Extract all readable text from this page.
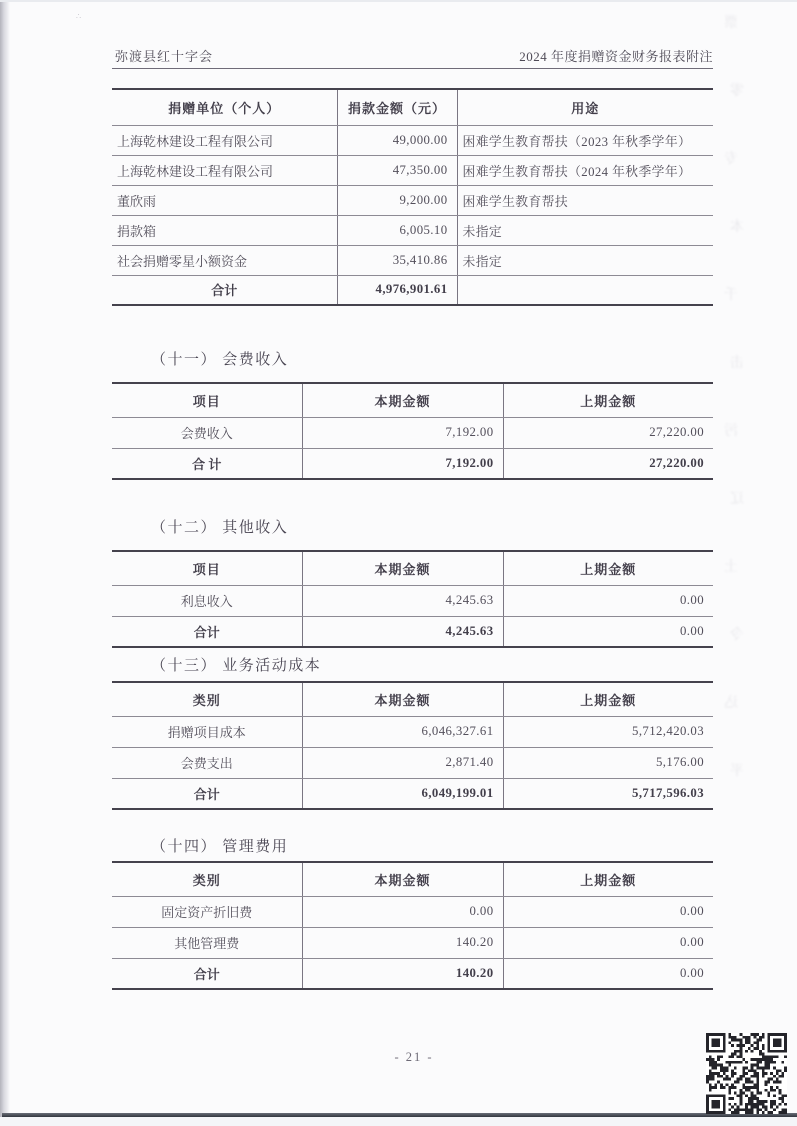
∴	票
零
专
本
千
击
污
辽
土
令
込
平
弥渡县红十字会	2024 年度捐赠资金财务报表附注
捐赠单位（个人）	捐款金额（元）	用途
上海乾林建设工程有限公司	49,000.00	困难学生教育帮扶（2023 年秋季学年）
上海乾林建设工程有限公司	47,350.00	困难学生教育帮扶（2024 年秋季学年）
董欣雨	9,200.00	困难学生教育帮扶
捐款箱	6,005.10	未指定
社会捐赠零星小额资金	35,410.86	未指定
合计	4,976,901.61	
（十一） 会费收入
项目	本期金额	上期金额
会费收入	7,192.00	27,220.00
合 计	7,192.00	27,220.00
（十二） 其他收入
项目	本期金额	上期金额
利息收入	4,245.63	0.00
合计	4,245.63	0.00
（十三） 业务活动成本
类别	本期金额	上期金额
捐赠项目成本	6,046,327.61	5,712,420.03
会费支出	2,871.40	5,176.00
合计	6,049,199.01	5,717,596.03
（十四） 管理费用
类别	本期金额	上期金额
固定资产折旧费	0.00	0.00
其他管理费	140.20	0.00
合计	140.20	0.00
- 21 -
